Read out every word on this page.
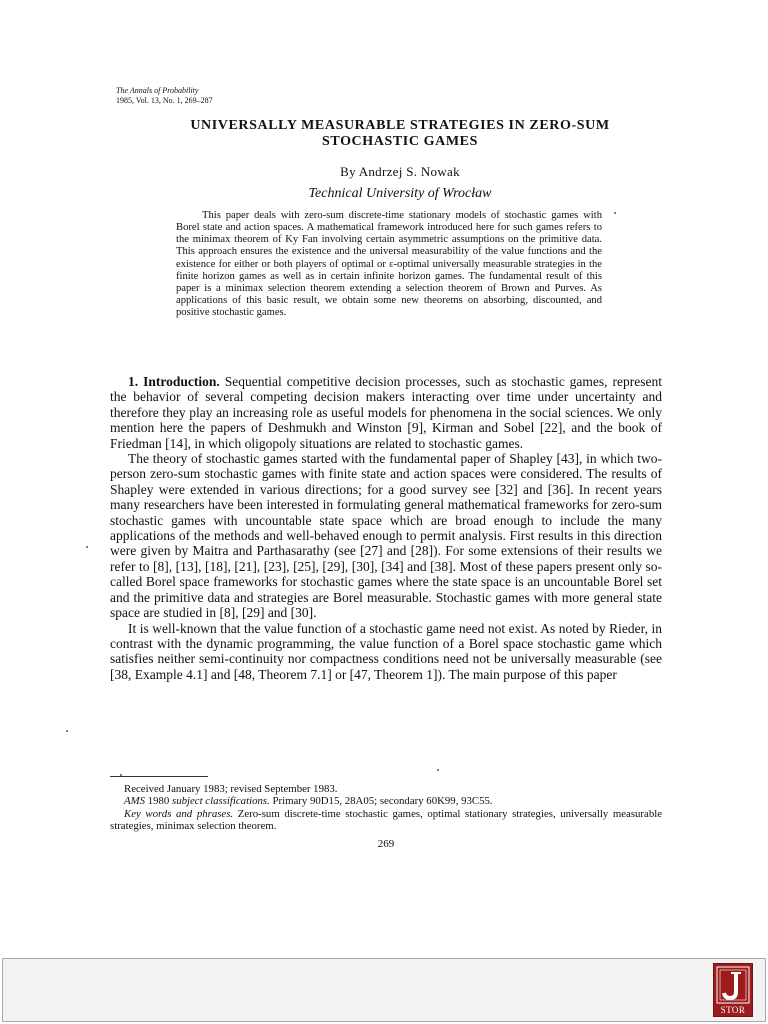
The Annals of Probability
1985, Vol. 13, No. 1, 269–287
UNIVERSALLY MEASURABLE STRATEGIES IN ZERO-SUM
STOCHASTIC GAMES
By Andrzej S. Nowak
Technical University of Wrocław

This paper deals with zero-sum discrete-time stationary models of stochastic games with Borel state and action spaces. A mathematical framework introduced here for such games refers to the minimax theorem of Ky Fan involving certain asymmetric assumptions on the primitive data. This approach ensures the existence and the universal measurability of the value functions and the existence for either or both players of optimal or ε-optimal universally measurable strategies in the finite horizon games as well as in certain infinite horizon games. The fundamental result of this paper is a minimax selection theorem extending a selection theorem of Brown and Purves. As applications of this basic result, we obtain some new theorems on absorbing, discounted, and positive stochastic games.

1. Introduction. Sequential competitive decision processes, such as stochastic games, represent the behavior of several competing decision makers interacting over time under uncertainty and therefore they play an increasing role as useful models for phenomena in the social sciences. We only mention here the papers of Deshmukh and Winston [9], Kirman and Sobel [22], and the book of Friedman [14], in which oligopoly situations are related to stochastic games.

The theory of stochastic games started with the fundamental paper of Shapley [43], in which two-person zero-sum stochastic games with finite state and action spaces were considered. The results of Shapley were extended in various directions; for a good survey see [32] and [36]. In recent years many researchers have been interested in formulating general mathematical frameworks for zero-sum stochastic games with uncountable state space which are broad enough to include the many applications of the methods and well-behaved enough to permit analysis. First results in this direction were given by Maitra and Parthasarathy (see [27] and [28]). For some extensions of their results we refer to [8], [13], [18], [21], [23], [25], [29], [30], [34] and [38]. Most of these papers present only so-called Borel space frameworks for stochastic games where the state space is an uncountable Borel set and the primitive data and strategies are Borel measurable. Stochastic games with more general state space are studied in [8], [29] and [30].

It is well-known that the value function of a stochastic game need not exist. As noted by Rieder, in contrast with the dynamic programming, the value function of a Borel space stochastic game which satisfies neither semi-continuity nor compactness conditions need not be universally measurable (see [38, Example 4.1] and [48, Theorem 7.1] or [47, Theorem 1]). The main purpose of this paper

Received January 1983; revised September 1983.

AMS 1980 subject classifications. Primary 90D15, 28A05; secondary 60K99, 93C55.

Key words and phrases. Zero-sum discrete-time stochastic games, optimal stationary strategies, universally measurable strategies, minimax selection theorem.

269
STOR
